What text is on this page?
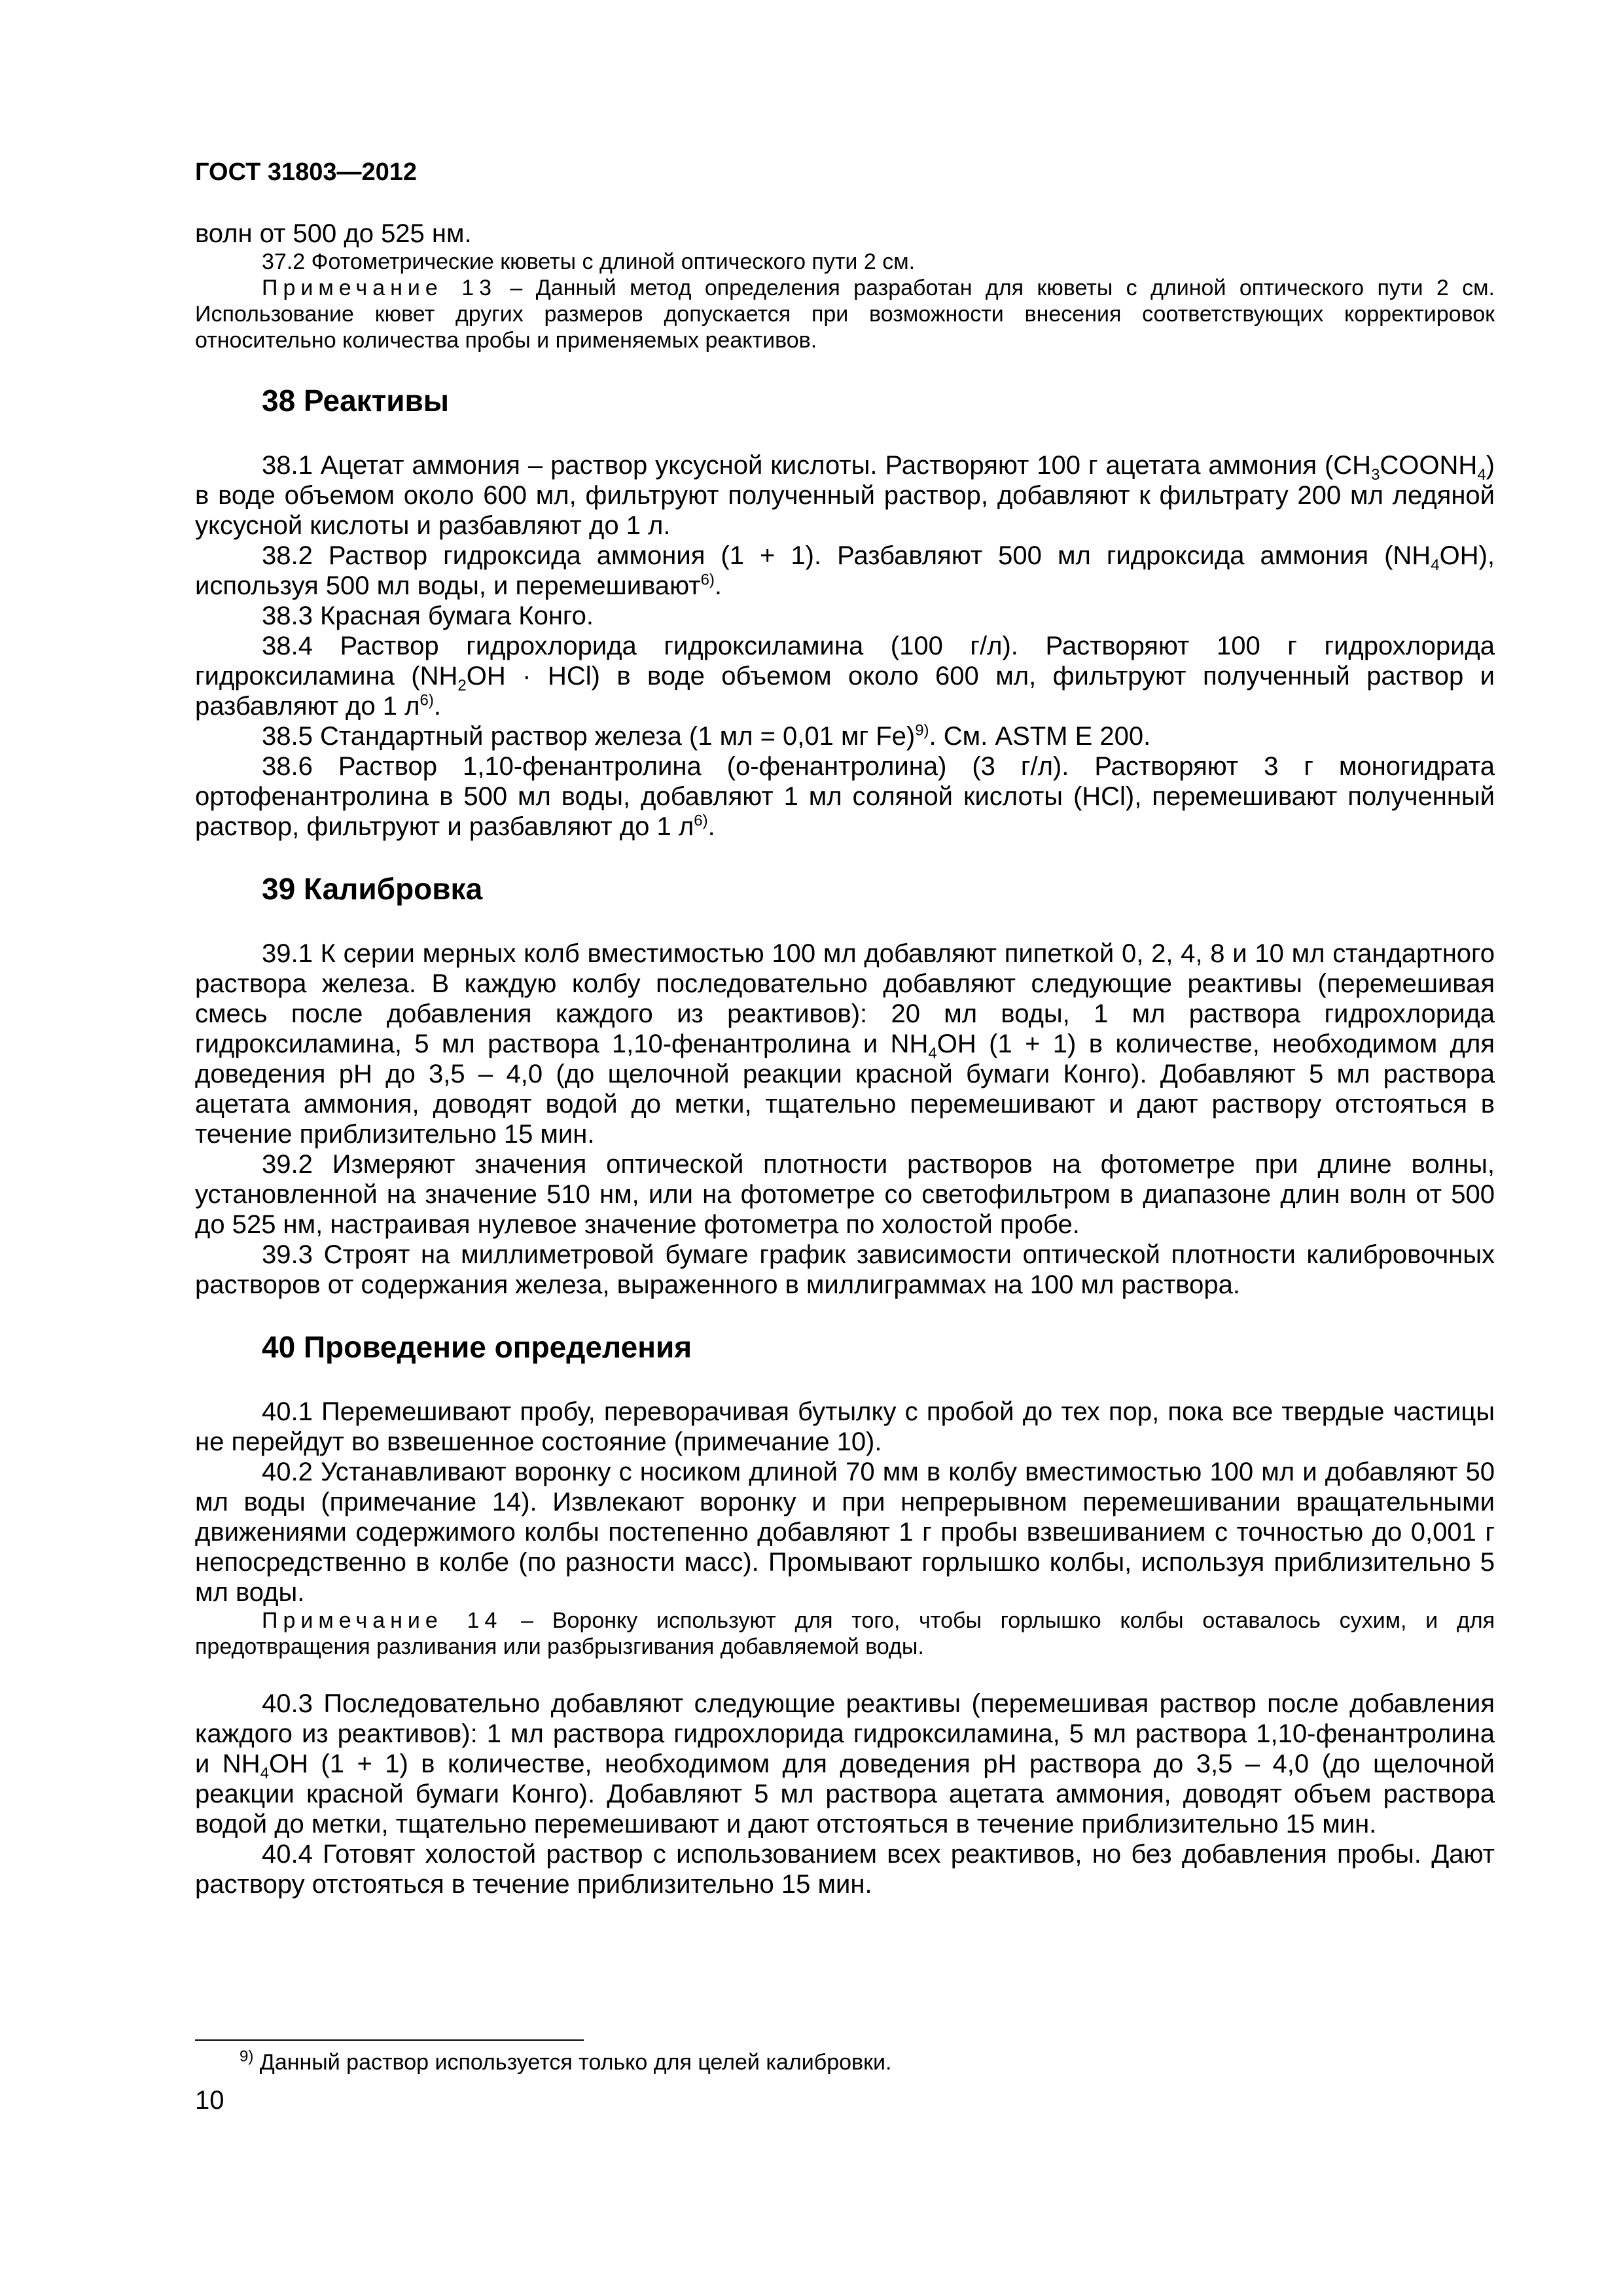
ГОСТ 31803—2012

волн от 500 до 525 нм.

37.2 Фотометрические кюветы с длиной оптического пути 2 см.

Примечание 13 – Данный метод определения разработан для кюветы с длиной оптического пути 2 см. Использование кювет других размеров допускается при возможности внесения соответствующих корректировок относительно количества пробы и применяемых реактивов.

38 Реактивы

38.1 Ацетат аммония – раствор уксусной кислоты. Растворяют 100 г ацетата аммония $(CH_3COONH_4)$ в воде объемом около 600 мл, фильтруют полученный раствор, добавляют к фильтрату 200 мл ледяной уксусной кислоты и разбавляют до 1 л.

38.2 Раствор гидроксида аммония (1 + 1). Разбавляют 500 мл гидроксида аммония $(NH_4OH)$, используя 500 мл воды, и перемешивают$^{6)}$.

38.3 Красная бумага Конго.

38.4 Раствор гидрохлорида гидроксиламина (100 г/л). Растворяют 100 г гидрохлорида гидроксиламина $(NH_2OH \cdot HCl)$ в воде объемом около 600 мл, фильтруют полученный раствор и разбавляют до 1 $л^{6)}$.

38.5 Стандартный раствор железа (1 мл = 0,01 мг Fe)$^{9)}$. См. ASTM E 200.

38.6 Раствор 1,10-фенантролина (о-фенантролина) (3 г/л). Растворяют 3 г моногидрата ортофенантролина в 500 мл воды, добавляют 1 мл соляной кислоты (HCl), перемешивают полученный раствор, фильтруют и разбавляют до 1 $л^{6)}$.

39 Калибровка

39.1 К серии мерных колб вместимостью 100 мл добавляют пипеткой 0, 2, 4, 8 и 10 мл стандартного раствора железа. В каждую колбу последовательно добавляют следующие реактивы (перемешивая смесь после добавления каждого из реактивов): 20 мл воды, 1 мл раствора гидрохлорида гидроксиламина, 5 мл раствора 1,10-фенантролина и $NH_4OH$ (1 + 1) в количестве, необходимом для доведения pH до 3,5 – 4,0 (до щелочной реакции красной бумаги Конго). Добавляют 5 мл раствора ацетата аммония, доводят водой до метки, тщательно перемешивают и дают раствору отстояться в течение приблизительно 15 мин.

39.2 Измеряют значения оптической плотности растворов на фотометре при длине волны, установленной на значение 510 нм, или на фотометре со светофильтром в диапазоне длин волн от 500 до 525 нм, настраивая нулевое значение фотометра по холостой пробе.

39.3 Строят на миллиметровой бумаге график зависимости оптической плотности калибровочных растворов от содержания железа, выраженного в миллиграммах на 100 мл раствора.

40 Проведение определения

40.1 Перемешивают пробу, переворачивая бутылку с пробой до тех пор, пока все твердые частицы не перейдут во взвешенное состояние (примечание 10).

40.2 Устанавливают воронку с носиком длиной 70 мм в колбу вместимостью 100 мл и добавляют 50 мл воды (примечание 14). Извлекают воронку и при непрерывном перемешивании вращательными движениями содержимого колбы постепенно добавляют 1 г пробы взвешиванием с точностью до 0,001 г непосредственно в колбе (по разности масс). Промывают горлышко колбы, используя приблизительно 5 мл воды.

Примечание 14 – Воронку используют для того, чтобы горлышко колбы оставалось сухим, и для предотвращения разливания или разбрызгивания добавляемой воды.

40.3 Последовательно добавляют следующие реактивы (перемешивая раствор после добавления каждого из реактивов): 1 мл раствора гидрохлорида гидроксиламина, 5 мл раствора 1,10-фенантролина и $NH_4OH$ (1 + 1) в количестве, необходимом для доведения pH раствора до 3,5 – 4,0 (до щелочной реакции красной бумаги Конго). Добавляют 5 мл раствора ацетата аммония, доводят объем раствора водой до метки, тщательно перемешивают и дают отстояться в течение приблизительно 15 мин.

40.4 Готовят холостой раствор с использованием всех реактивов, но без добавления пробы. Дают раствору отстояться в течение приблизительно 15 мин.

$^{9)}$ Данный раствор используется только для целей калибровки.
10
